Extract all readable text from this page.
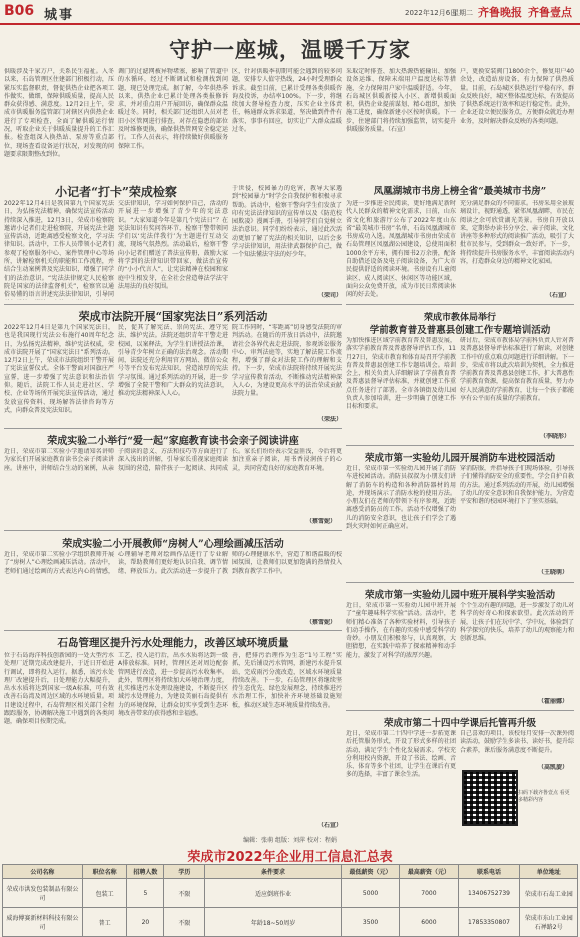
B06 城事	2022年12月6日
星期二 齐鲁晚报 齐鲁壹点
守护一座城，温暖千万家
供暖涉及千家万户，关系民生福祉。入冬以来，石岛管理区住建部门积极行动，压紧压实监督职责，督促供热企业把各项工作做实、做细，保障供暖质量，提高人民群众获得感、满意度。12月2日上午，荣成市供暖服务监管部门对辖区内供热企业进行了专项检查，全面了解供暖运行情况，听取企业关于供暖质量提升的工作汇报。检查组深入换热站、泵房等重点部位，现场查看设备运行状况，对发现的问题要求限期整改到位。
调门的过滤网被异物堵塞，影响了管道中的水循环，经过不断调试和检测找到问题，现已处理完成。据了解，今年供热季以来，供热企业已累计处理各类报修诉求，并对重点用户开展回访，确保群众温暖过冬。同时，相关部门还组织人员对老旧小区管网进行排查，对存在隐患的部位及时维修更换，确保供热管网安全稳定运行。工作人员表示，将持续做好供暖服务保障工作。
区，针对供暖季初期可能会遇到的较多问题，安排专人值守热线，24小时受理群众诉求。截至目前，已累计受理各类供暖咨询及投诉，办结率100%。下一步，将继续加大督导检查力度，压实企业主体责任，畅通群众诉求渠道，坚决做到件件有落实、事事有回应，切实让广大群众温暖过冬。
采取定时排查、加大热源热能输出、加强设备运维、保障末端用户温度达标等措施，全力保障用户家中温暖舒适。今年，石岛城区供暖新接入小区、新增供暖面积，供热企业提前谋划、精心组织，加快施工进度，确保新建小区按时供暖。下一步，住建部门将持续加强监管，切实提升供暖服务质量。（石宣）
户，更换安装阀门1800余个，修复用户40余处，改造站房设备，有力保障了供热质量。目前，石岛城区供热运行平稳有序，群众反映良好，城区整体温度达标，有效提高了供热系统运行效率和运行稳定性。此外，企业还设立便民服务点，方便群众就近办理业务，及时解决群众反映的各类问题。
小记者“打卡”荣成检察
2022年12月4日是我国第九个国家宪法日，为弘扬宪法精神，确保宪法宣传活动持续深入推进，12月3日，荣成市检察院邀请小记者们走进检察院，开展宪法主题宣传活动，近距离感受检察文化，学习法律知识。活动中，工作人员带领小记者们参观了检察服务中心、案件管理中心等场所，讲解检察机关的职能和工作流程，并结合生动案例普及宪法知识，增强了同学们的法治意识。“宪法法律规定人民检察院是国家的法律监督机关”，检察官以通俗易懂的语言讲述宪法法律知识，引导同
交法律知识，学习如何保护自己，活动的开展进一步增强了青少年的宪法意识。“大家知道今年是第几个宪法日”？在宪法知识有奖问答环节，检察干警带领同学们以‘宪法伴我行’为主题进行互动交流，现场气氛热烈。活动最后，检察干警向小记者们赠送了普法宣传册，鼓励大家将学到的法律知识带回家，做法治宣传的“小小代言人”，让宪法精神在校园和家庭中生根发芽，在全社会营造尊法学法守法用法的良好氛围。
于世侵，校园暴力的危害，教导大家遇到“校园暴力”时学会自我保护和积极寻求帮助。活动中，检察干警向学生们发放了印有宪法法律知识的宣传单以及《防范校园欺凌》漫画手册，引导同学们自觉树立法治意识。同学们纷纷表示，通过此次活动更加了解了宪法的相关知识，以后会多学习法律知识，用法律武器保护自己，做一个知法懂法守法的好少年。
（荣司）
凤凰湖城市书房上榜全省“最美城市书房”
为进一步推进全民阅读，更好地满足新时代人民群众的精神文化需求，日前，山东省文化和旅游厅公布了2022年度山东省“最美城市书房”名单，石岛凤凰湖城市书房成功入选。凤凰湖城市书房由荣成市石岛管理区凤凰湖公园建设，总使用面积1000余平方米，拥有图书2万余册，配备自助借还设备及电子阅读设备，为广大市民提供舒适的阅读环境。书房设有儿童阅读区、成人阅读区、休闲区等功能区域，面向公众免费开放，成为市民日常阅读休闲的好去处。
充分满足群众的不同需求。书房采用全景玻璃设计，视野通透，紧邻凤凰湖畔，市民在阅读之余可欣赏湖光美景。书房自开放以来，定期举办读书分享会、亲子阅读、文化讲座等多种形式的阅读推广活动，吸引了大批市民参与，受到群众一致好评。下一步，将持续提升书房服务水平，丰富阅读活动内容，打造群众身边的精神文化家园。
（石宣）
荣成市法院开展“国家宪法日”系列活动
2022年12月4日是第九个国家宪法日，也是我国现行宪法公布施行40周年纪念日，为弘扬宪法精神，维护宪法权威，荣成市法院开展了“国家宪法日”系列活动。12月2日上午，荣成市法院组织干警开展了宪法宣誓仪式。全体干警面对国旗庄严宣誓，进一步增强了宪法意识和法治信仰。随后，法院工作人员走进社区、学校、企业等场所开展宪法宣传活动，通过发放宣传资料、现场解答法律咨询等方式，向群众普及宪法知识。
民，促其了解宪法、崇尚宪法、遵守宪法、维护宪法。法院还组织青年干警走进校园，以案释法，为学生们讲授法治课，引导青少年树立正确的法治观念。活动期间，法院还充分利用官方网站、微信公众号等平台发布宪法知识，营造浓厚的宪法学习氛围。通过系列活动的开展，进一步增强了全院干警和广大群众的宪法意识，推动宪法精神深入人心。
院工作同时，“零距离”切身感受法院的审判活动。在随后的开放日活动中，法院邀请社会各界代表走进法院，参观诉讼服务中心、审判法庭等，实地了解法院工作流程，增强了群众对法院工作的理解和支持。下一步，荣成市法院将持续开展宪法学习宣传教育活动，不断推动宪法精神深入人心，为建设更高水平的法治荣成贡献法院力量。
（荣法）
荣成市教体局举行
学前教育普及普惠县创建工作专题培训活动
为加快推进区域学前教育普及普惠发展，落实学前教育普及普惠督导评估工作，11月27日，荣成市教育和体育局召开学前教育普及普惠县创建工作专题培训会。培训会上，相关负责人详细解读了学前教育普及普惠县督导评估标准，并就创建工作重点任务进行了部署。全市各镇街及幼儿园负责人参加培训，进一步明确了创建工作目标和要求。
研讨后，荣成市教体局学前科负责人针对普及普惠县督导评估标准进行了解读，对创建工作中的重点难点问题进行详细讲解。下一步，荣成市将以此次培训为契机，全力推进学前教育普及普惠县创建工作，扩大普惠性学前教育资源，提高保育教育质量，努力办好人民满意的学前教育，让每一个孩子都能享有公平而有质量的学前教育。
（李晓形）
荣成实验二小举行“爱一起”家庭教育读书会亲子阅读讲座
近日，荣成市第二实验小学邀请知名讲师为家长们开展家庭教育读书会亲子阅读讲座。讲座中，讲师结合生动的案例，从亲子阅读的意义、方法和技巧等方面进行了深入浅出的讲解，引导家长重视家庭阅读氛围的营造，陪伴孩子一起阅读、共同成长。家长们纷纷表示受益匪浅，今后将更加注重亲子阅读，用书香浸润孩子的心灵，共同营造良好的家庭教育环境。
（蔡雪妮）
荣成实验二小开展教师“房树人”心理绘画减压活动
近日，荣成市第二实验小学组织教师开展了“房树人”心理绘画减压活动。活动中，老师们通过绘画的方式表达内心的情感，心理辅导老师对绘画作品进行了专业解读，帮助教师们更好地认识自我、调节情绪、释放压力。此次活动进一步提升了教师的心理健康水平，营造了和谐温暖的校园氛围，让教师们以更加饱满的热情投入到教育教学工作中。
（蔡雪妮）
石岛管理区提升污水处理能力，改善区域环境质量
位于石岛海洋科技创新园的一处大型污水处理厂近期完成改建提升，于近日开始进行调试，即将投入运行。据悉，该污水处理厂改建提升后，日处理能力大幅提升，出水水质将达到国家一级A标准，可有效改善石岛湾及周边区域的水环境质量。项目建设过程中，石岛管理区相关部门全程跟踪服务，协调解决施工中遇到的各类问题，确保项目按期完成。
工艺，投入运行后，出水水质将达到一级A排放标准。同时，管理区还对周边配套管网进行改造，进一步提高污水收集率。此外，管理区将持续加大环境治理力度，扎实推进污水处理设施建设，不断提升区域污水处理能力，为建设美丽石岛提供有力的环境保障，让群众切实享受到生态环境改善带来的获得感和幸福感。
善，把排污治理作为生态“1号工程”实抓，先后铺设污水管网，新建污水提升泵站，完成雨污分流改造，区域水环境质量持续改善。下一步，石岛管理区将继续坚持生态优先、绿色发展理念，持续推进污水治理工作，加快补齐环境基础设施短板，推动区域生态环境质量持续改善。
（石宣）
荣成市第一实验幼儿园开展消防车进校园活动
近日，荣成市第一实验幼儿园开展了消防车进校园活动。消防员叔叔为小朋友们讲解了消防车的构造和各种消防器材的用途，并现场演示了消防水枪的使用方法。小朋友们在老师的带领下有序参观，近距离感受消防员的工作。活动不仅增强了幼儿的消防安全意识，也让孩子们学会了遇到火灾时如何正确应对。
穿消防服，并指导孩子们现场体验，引导孩子们懂得消防安全的重要性，学会自护自救的方法。通过系列活动的开展，幼儿园增强了幼儿的安全意识和自我保护能力，为营造平安和谐的校园环境打下了坚实基础。
（王晓萌）
荣成市第一实验幼儿园中班开展科学实验活动
近日，荣成市第一实验幼儿园中班开展了“童年趣味科学实验”活动。活动中，老师们精心准备了各种实验材料，引导孩子们动手操作，在有趣的实验中感受科学的奇妙。小朋友们积极参与，认真观察，大胆猜想，在实践中培养了探索精神和动手能力，激发了对科学的浓厚兴趣。
个个生动有趣的问题，进一步激发了幼儿对科学的好奇心和探索欲望。此次活动的开展，让孩子们在玩中学、学中玩，体验到了科学探究的快乐，培养了幼儿的观察能力和创新思维。
（霍丽娜）
荣成市第二十四中学课后托管再升级
近日，荣成市第二十四中学进一步拓宽课后托管服务形式，开设了形式多样的社团活动，满足学生个性化发展需求。学校充分利用校内资源，开设了书法、绘画、音乐、体育等多个社团，让学生在课后有更多的选择，丰富了课余生活。
自己喜欢的项目，该校每月安排一次课外阅读活动，鼓励学生多读书、读好书，提升综合素养，课后服务满意度不断提升。
（高凯旋）
扫码下载齐鲁壹点 看更多精彩内容
编辑：张萌 组版：刘萍 校对：程娟
荣成市2022年企业用工信息汇总表
公司名称	职位名称	招聘人数	学历	条件要求	最低薪资（元）	最高薪资（元）	联系电话	单位地址
荣成市洪发包装制品有限公司	包装工	5	不限	适应倒班作业	5000	7000	13406752739	荣成市石岛工业园
威海傅赛新材料科技有限公司	普工	20	不限	年龄18~50周岁	3500	6000	17853350807	荣成市东山工业园石禅路2号
